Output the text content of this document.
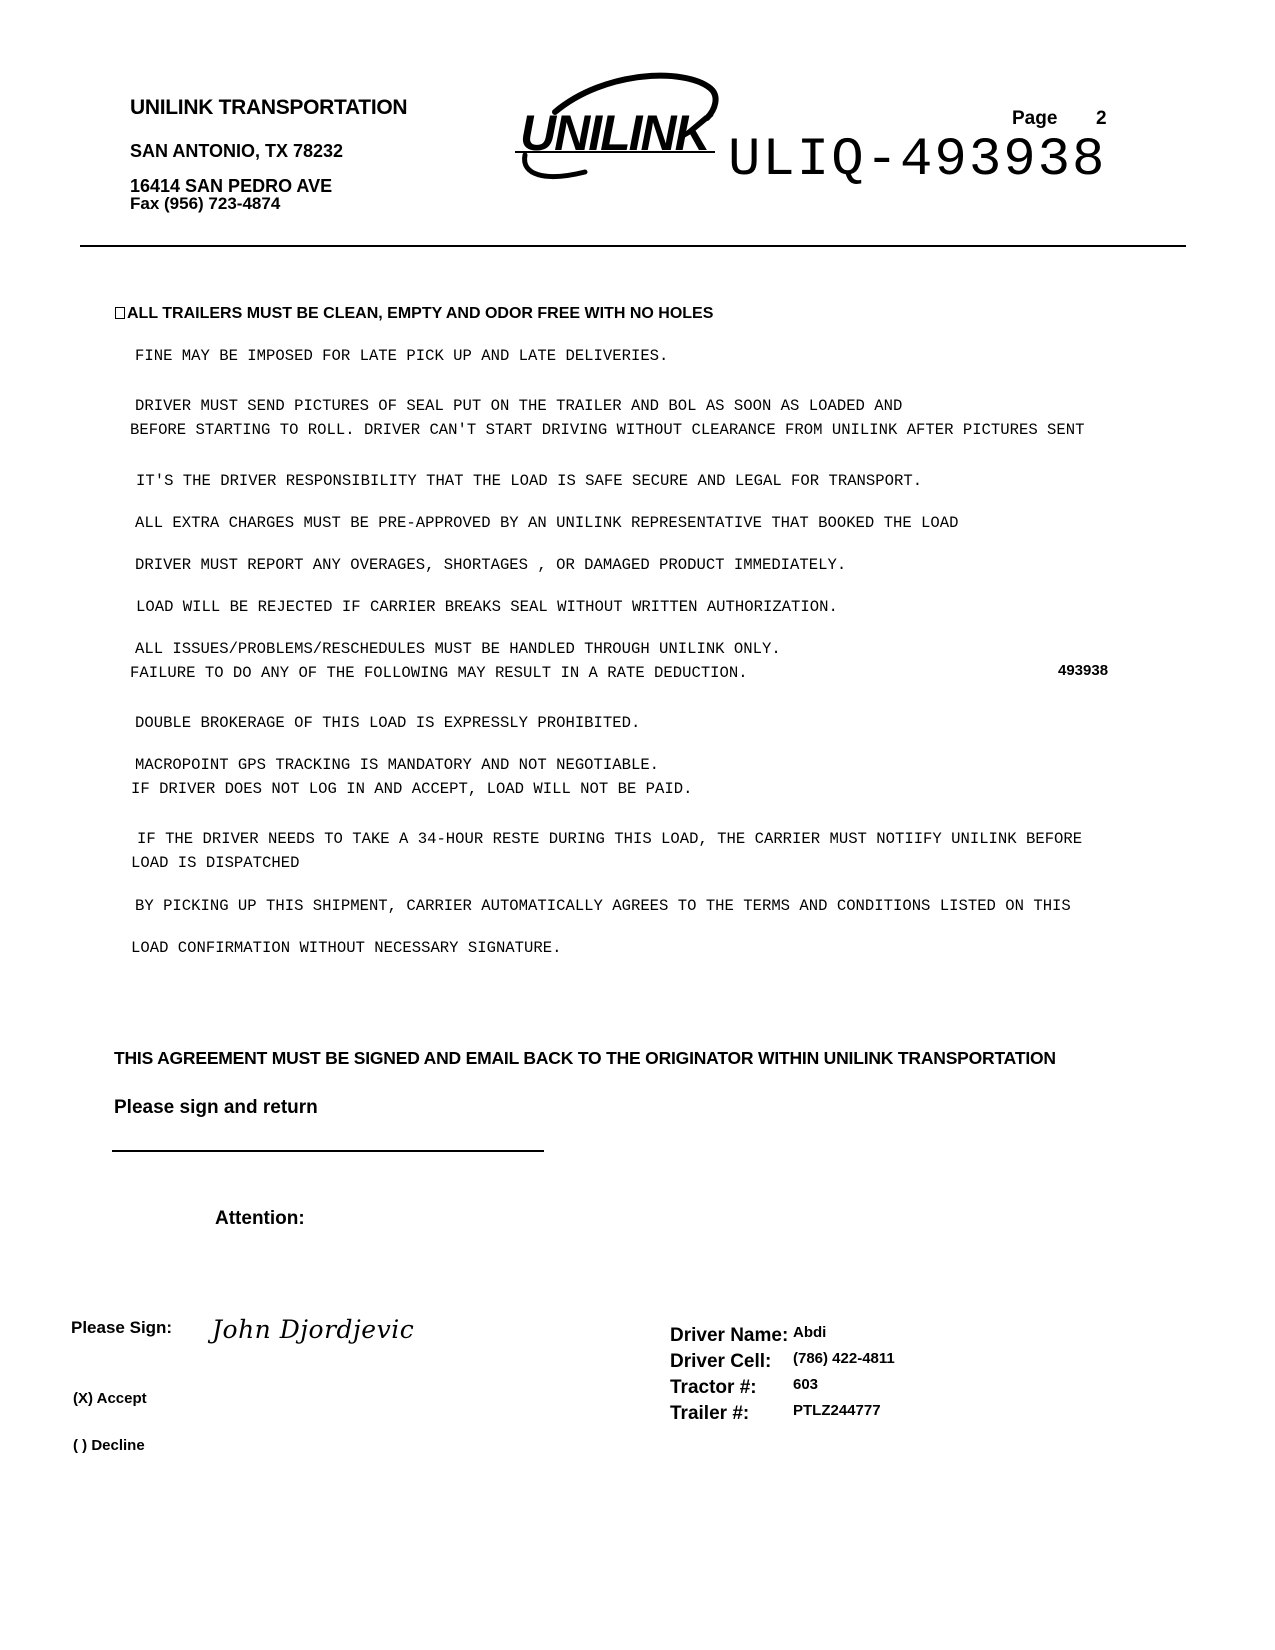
UNILINK TRANSPORTATION
SAN ANTONIO, TX 78232
16414 SAN PEDRO AVE
Fax (956) 723-4874
UNILINK ULIQ-493938
Page 2
ALL TRAILERS MUST BE CLEAN, EMPTY AND ODOR FREE WITH NO HOLES
FINE MAY BE IMPOSED FOR LATE PICK UP AND LATE DELIVERIES.
DRIVER MUST SEND PICTURES OF SEAL PUT ON THE TRAILER AND BOL AS SOON AS LOADED AND
BEFORE STARTING TO ROLL. DRIVER CAN'T START DRIVING WITHOUT CLEARANCE FROM UNILINK AFTER PICTURES SENT
IT'S THE DRIVER RESPONSIBILITY THAT THE LOAD IS SAFE SECURE AND LEGAL FOR TRANSPORT.
ALL EXTRA CHARGES MUST BE PRE-APPROVED BY AN UNILINK REPRESENTATIVE THAT BOOKED THE LOAD
DRIVER MUST REPORT ANY OVERAGES, SHORTAGES , OR DAMAGED PRODUCT IMMEDIATELY.
LOAD WILL BE REJECTED IF CARRIER BREAKS SEAL WITHOUT WRITTEN AUTHORIZATION.
ALL ISSUES/PROBLEMS/RESCHEDULES MUST BE HANDLED THROUGH UNILINK ONLY.
FAILURE TO DO ANY OF THE FOLLOWING MAY RESULT IN A RATE DEDUCTION.	493938
DOUBLE BROKERAGE OF THIS LOAD IS EXPRESSLY PROHIBITED.
MACROPOINT GPS TRACKING IS MANDATORY AND NOT NEGOTIABLE.
IF DRIVER DOES NOT LOG IN AND ACCEPT, LOAD WILL NOT BE PAID.
IF THE DRIVER NEEDS TO TAKE A 34-HOUR RESTE DURING THIS LOAD, THE CARRIER MUST NOTIIFY UNILINK BEFORE
LOAD IS DISPATCHED
BY PICKING UP THIS SHIPMENT, CARRIER AUTOMATICALLY AGREES TO THE TERMS AND CONDITIONS LISTED ON THIS
LOAD CONFIRMATION WITHOUT NECESSARY SIGNATURE.
THIS AGREEMENT MUST BE SIGNED AND EMAIL BACK TO THE ORIGINATOR WITHIN UNILINK TRANSPORTATION
Please sign and return
Attention:
Please Sign: John Djordjevic
(X) Accept
( ) Decline
Driver Name: Abdi
Driver Cell: (786) 422-4811
Tractor #: 603
Trailer #:	PTLZ244777
